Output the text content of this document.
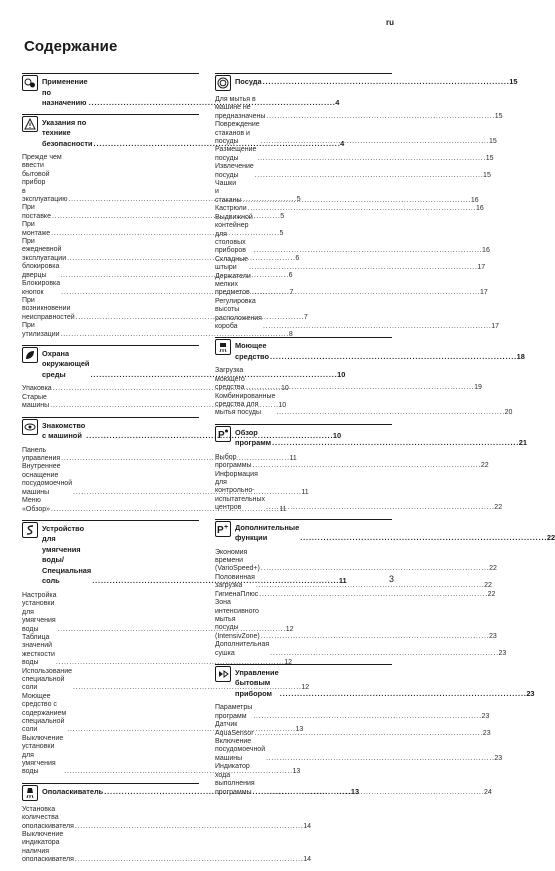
ru
Содержание
Применение по назначению . . .	4
Указания по технике
безопасности . . .	4
Прежде чем ввести бытовой прибор
в эксплуатацию . . .	5
При поставке . . .	5
При монтаже . . .	5
При ежедневной эксплуатации . . .	6
блокировка дверцы . . .	6
Блокировка кнопок . . .	7
При возникновении неисправностей . . .	7
При утилизации . . .	8
Охрана окружающей среды . . .	10
Упаковка . . .	10
Старые машины . . .	10
Знакомство с машиной . . .	10
Панель управления . . .	11
Внутреннее оснащение
посудомоечной машины . . .	11
Меню «Обзор» . . .	11
Устройство для умягчения
воды/Специальная соль . . .	11
Настройка установки для
умягчения воды . . .	12
Таблица значений жесткости воды . . .	12
Использование специальной соли . . .	12
Моющее средство с содержанием
специальной соли . . .	13
Выключение установки для
умягчения воды . . .	13
Ополаскиватель . . .	13
Установка количества
ополаскивателя . . .	14
Выключение индикатора наличия
ополаскивателя . . .	14
Посуда . . .	15
Для мытья в машине не
предназначены . . .	15
Повреждение стаканов и посуды . . .	15
Размещение посуды . . .	15
Извлечение посуды . . .	15
Чашки и стаканы . . .	16
Кастрюли . . .	16
Выдвижной контейнер для
столовых приборов . . .	16
Складные штыри . . .	17
Держатели мелких предметов . . .	17
Регулировка высоты расположения
короба . . .	17
Моющее средство . . .	18
Загрузка моющего средства . . .	19
Комбинированные средства для
мытья посуды . . .	20
P Обзор программ . . .	21
Выбор программы . . .	22
Информация для контрольно-
испытательных центров . . .	22
P + Дополнительные функции . . .	22
Экономия времени (VarioSpeed+) . . .	22
Половинная загрузка . . .	22
ГигиенаПлюс . . .	22
Зона интенсивного мытья посуды
(IntensivZone) . . .	23
Дополнительная сушка . . .	23
Управление бытовым
прибором . . .	23
Параметры программ . . .	23
Датчик AquaSensor . . .	23
Включение посудомоечной машины . . .	23
Индикатор хода выполнения
программы . . .	24
3
